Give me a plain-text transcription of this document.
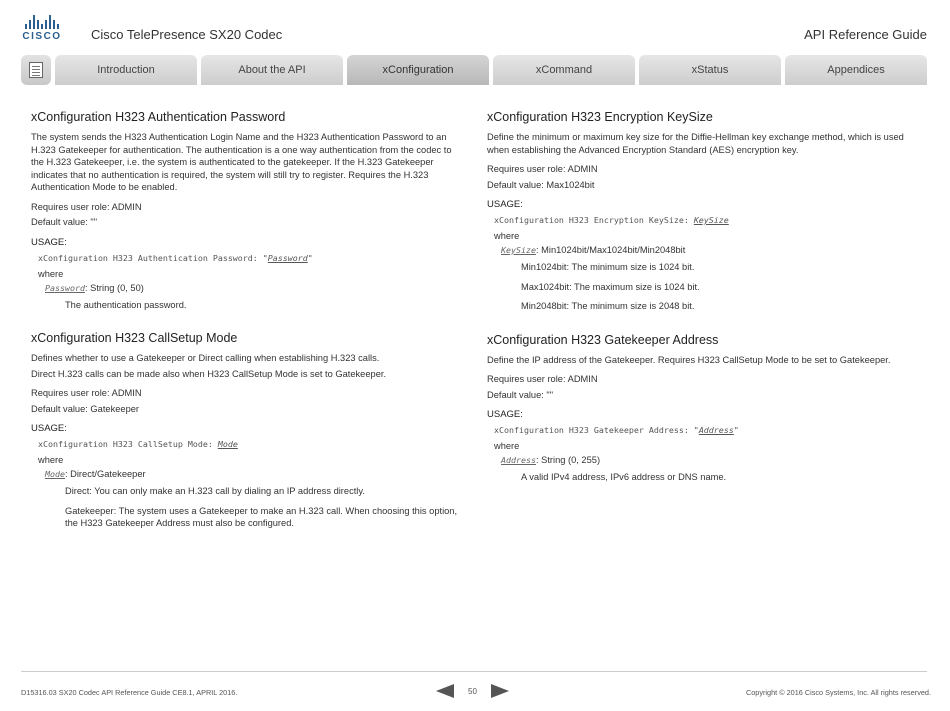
CISCO Cisco TelePresence SX20 Codec	API Reference Guide
Introduction	About the API	xConfiguration	xCommand	xStatus	Appendices
xConfiguration H323 Authentication Password
The system sends the H323 Authentication Login Name and the H323 Authentication Password to an H.323 Gatekeeper for authentication. The authentication is a one way authentication from the codec to the H.323 Gatekeeper, i.e. the system is authenticated to the gatekeeper. If the H.323 Gatekeeper indicates that no authentication is required, the system will still try to register. Requires the H.323 Authentication Mode to be enabled.
Requires user role: ADMIN
Default value: ""
USAGE:
xConfiguration H323 Authentication Password: "Password"
where
Password: String (0, 50)
The authentication password.
xConfiguration H323 CallSetup Mode
Defines whether to use a Gatekeeper or Direct calling when establishing H.323 calls.
Direct H.323 calls can be made also when H323 CallSetup Mode is set to Gatekeeper.
Requires user role: ADMIN
Default value: Gatekeeper
USAGE:
xConfiguration H323 CallSetup Mode: Mode
where
Mode: Direct/Gatekeeper
Direct: You can only make an H.323 call by dialing an IP address directly.
Gatekeeper: The system uses a Gatekeeper to make an H.323 call. When choosing this option, the H323 Gatekeeper Address must also be configured.
xConfiguration H323 Encryption KeySize
Define the minimum or maximum key size for the Diffie-Hellman key exchange method, which is used when establishing the Advanced Encryption Standard (AES) encryption key.
Requires user role: ADMIN
Default value: Max1024bit
USAGE:
xConfiguration H323 Encryption KeySize: KeySize
where
KeySize: Min1024bit/Max1024bit/Min2048bit
Min1024bit: The minimum size is 1024 bit.
Max1024bit: The maximum size is 1024 bit.
Min2048bit: The minimum size is 2048 bit.
xConfiguration H323 Gatekeeper Address
Define the IP address of the Gatekeeper. Requires H323 CallSetup Mode to be set to Gatekeeper.
Requires user role: ADMIN
Default value: ""
USAGE:
xConfiguration H323 Gatekeeper Address: "Address"
where
Address: String (0, 255)
A valid IPv4 address, IPv6 address or DNS name.
D15316.03 SX20 Codec API Reference Guide CE8.1, APRIL 2016.	50	Copyright © 2016 Cisco Systems, Inc. All rights reserved.
